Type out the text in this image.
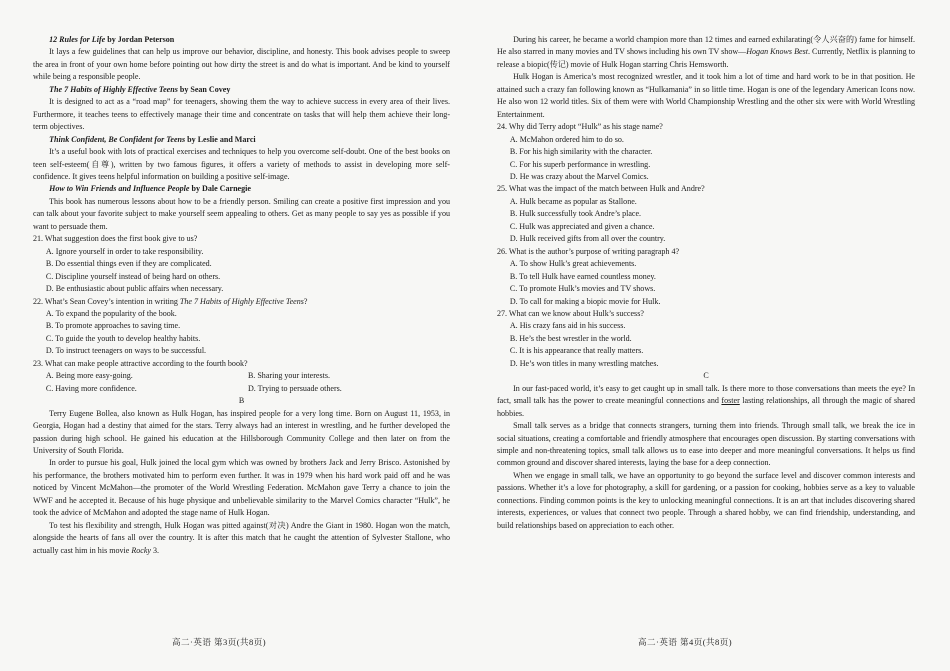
12 Rules for Life by Jordan Peterson

It lays a few guidelines that can help us improve our behavior, discipline, and honesty. This book advises people to sweep the area in front of your own home before pointing out how dirty the street is and do what is important. And be kind to yourself while being a responsible people.

The 7 Habits of Highly Effective Teens by Sean Covey

It is designed to act as a “road map” for teenagers, showing them the way to achieve success in every area of their lives. Furthermore, it teaches teens to effectively manage their time and concentrate on tasks that will help them achieve their long-term objectives.

Think Confident, Be Confident for Teens by Leslie and Marci

It’s a useful book with lots of practical exercises and techniques to help you overcome self-doubt. One of the best books on teen self-esteem(自尊), written by two famous figures, it offers a variety of methods to assist in developing more self-confidence. It gives teens helpful information on building a positive self-image.

How to Win Friends and Influence People by Dale Carnegie

This book has numerous lessons about how to be a friendly person. Smiling can create a positive first impression and you can talk about your favorite subject to make yourself seem appealing to others. Get as many people to say yes as possible if you want to persuade them.

21. What suggestion does the first book give to us?

A. Ignore yourself in order to take responsibility.

B. Do essential things even if they are complicated.

C. Discipline yourself instead of being hard on others.

D. Be enthusiastic about public affairs when necessary.

22. What’s Sean Covey’s intention in writing The 7 Habits of Highly Effective Teens?

A. To expand the popularity of the book.

B. To promote approaches to saving time.

C. To guide the youth to develop healthy habits.

D. To instruct teenagers on ways to be successful.

23. What can make people attractive according to the fourth book?

A. Being more easy-going.	B. Sharing your interests.
C. Having more confidence.	D. Trying to persuade others.

B

Terry Eugene Bollea, also known as Hulk Hogan, has inspired people for a very long time. Born on August 11, 1953, in Georgia, Hogan had a destiny that aimed for the stars. Terry always had an interest in wrestling, and he further developed the passion during high school. He gained his education at the Hillsborough Community College and then later on from the University of South Florida.

In order to pursue his goal, Hulk joined the local gym which was owned by brothers Jack and Jerry Brisco. Astonished by his performance, the brothers motivated him to perform even further. It was in 1979 when his hard work paid off and he was noticed by Vincent McMahon—the promoter of the World Wrestling Federation. McMahon gave Terry a chance to join the WWF and he accepted it. Because of his huge physique and unbelievable similarity to the Marvel Comics character “Hulk”, he took the advice of McMahon and adopted the stage name of Hulk Hogan.

To test his flexibility and strength, Hulk Hogan was pitted against(对决) Andre the Giant in 1980. Hogan won the match, alongside the hearts of fans all over the country. It is after this match that he caught the attention of Sylvester Stallone, who actually cast him in his movie Rocky 3.

During his career, he became a world champion more than 12 times and earned exhilarating(令人兴奋的) fame for himself. He also starred in many movies and TV shows including his own TV show—Hogan Knows Best. Currently, Netflix is planning to release a biopic(传记) movie of Hulk Hogan starring Chris Hemsworth.

Hulk Hogan is America’s most recognized wrestler, and it took him a lot of time and hard work to be in that position. He attained such a crazy fan following known as “Hulkamania” in so little time. Hogan is one of the legendary American Icons now. He also won 12 world titles. Six of them were with World Championship Wrestling and the other six were with World Wrestling Entertainment.

24. Why did Terry adopt “Hulk” as his stage name?

A. McMahon ordered him to do so.

B. For his high similarity with the character.

C. For his superb performance in wrestling.

D. He was crazy about the Marvel Comics.

25. What was the impact of the match between Hulk and Andre?

A. Hulk became as popular as Stallone.

B. Hulk successfully took Andre’s place.

C. Hulk was appreciated and given a chance.

D. Hulk received gifts from all over the country.

26. What is the author’s purpose of writing paragraph 4?

A. To show Hulk’s great achievements.

B. To tell Hulk have earned countless money.

C. To promote Hulk’s movies and TV shows.

D. To call for making a biopic movie for Hulk.

27. What can we know about Hulk’s success?

A. His crazy fans aid in his success.

B. He’s the best wrestler in the world.

C. It is his appearance that really matters.

D. He’s won titles in many wrestling matches.

C

In our fast-paced world, it’s easy to get caught up in small talk. Is there more to those conversations than meets the eye? In fact, small talk has the power to create meaningful connections and foster lasting relationships, all through the magic of shared hobbies.

Small talk serves as a bridge that connects strangers, turning them into friends. Through small talk, we break the ice in social situations, creating a comfortable and friendly atmosphere that encourages open discussion. By starting conversations with simple and non-threatening topics, small talk allows us to ease into deeper and more meaningful conversations. It helps us find common ground and discover shared interests, laying the base for a deep connection.

When we engage in small talk, we have an opportunity to go beyond the surface level and discover common interests and passions. Whether it’s a love for photography, a skill for gardening, or a passion for cooking, hobbies serve as a key to valuable connections. Finding common points is the key to unlocking meaningful connections. It is an art that includes discovering shared interests, experiences, or values that connect two people. Through a shared hobby, we can find friendship, understanding, and build relationships based on appreciation to each other.

高二·英语 第3页(共8页)	高二·英语 第4页(共8页)
